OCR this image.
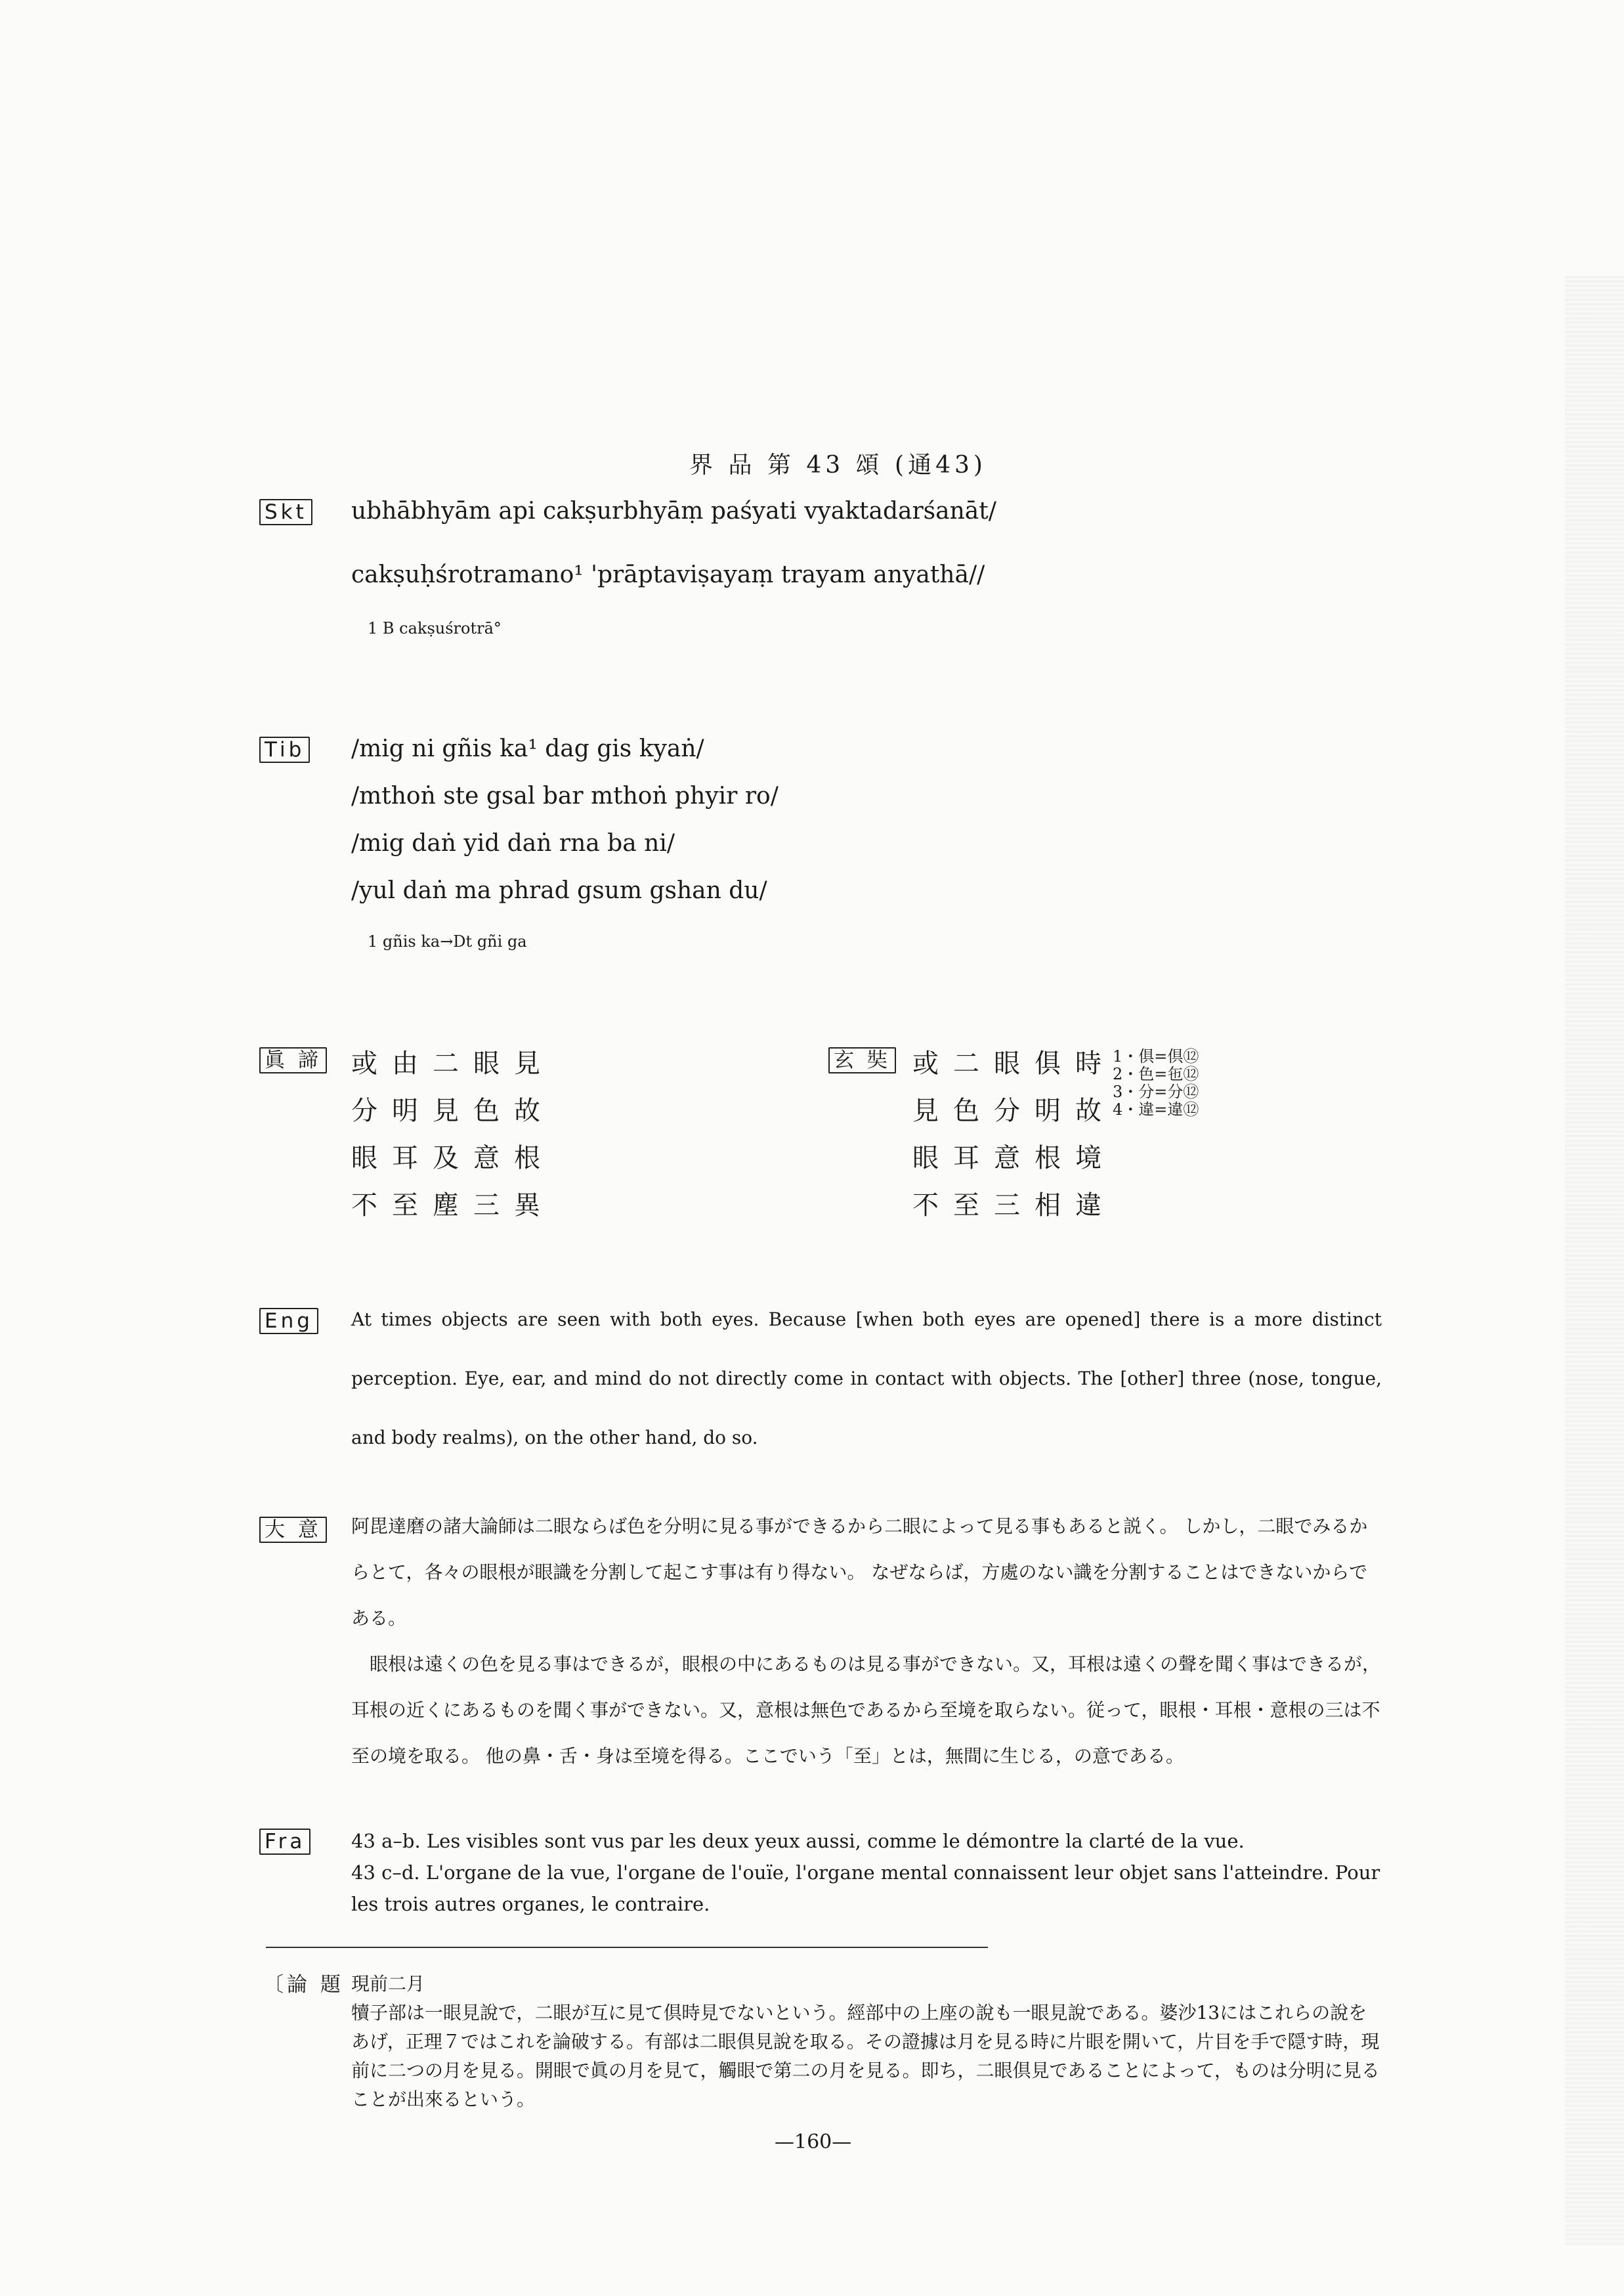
界 品 第 43 頌 (通43)
Skt ubhābhyām api cakṣurbhyāṃ paśyati vyaktadarśanāt/
cakṣuḥśrotramano¹ 'prāptaviṣayaṃ trayam anyathā//
1 B cakṣuśrotrā°
Tib /mig ni gñis ka¹ dag gis kyaṅ/
/mthoṅ ste gsal bar mthoṅ phyir ro/
/mig daṅ yid daṅ rna ba ni/
/yul daṅ ma phrad gsum gshan du/
1 gñis ka→Dt gñi ga
眞 諦 或由二眼見
分明見色故
眼耳及意根
不至塵三異
玄 奘 或二眼俱時
見色分明故
眼耳意根境
不至三相違
1・俱=倶⑫
2・色=㐌⑫
3・分=分⑫
4・違=違⑫
Eng At times objects are seen with both eyes. Because [when both eyes are opened] there is a more distinct perception. Eye, ear, and mind do not directly come in contact with objects. The [other] three (nose, tongue, and body realms), on the other hand, do so.
大 意 阿毘達磨の諸大論師は二眼ならば色を分明に見る事ができるから二眼によって見る事もあると説く。 しかし，二眼でみるからとて，各々の眼根が眼識を分割して起こす事は有り得ない。 なぜならば，方處のない識を分割することはできないからである。

眼根は遠くの色を見る事はできるが，眼根の中にあるものは見る事ができない。又，耳根は遠くの聲を聞く事はできるが，耳根の近くにあるものを聞く事ができない。又，意根は無色であるから至境を取らない。従って，眼根・耳根・意根の三は不至の境を取る。 他の鼻・舌・身は至境を得る。ここでいう「至」とは，無間に生じる，の意である。

Fra 43 a–b. Les visibles sont vus par les deux yeux aussi, comme le démontre la clarté de la vue.

43 c–d. L'organe de la vue, l'organe de l'ouïe, l'organe mental connaissent leur objet sans l'atteindre. Pour les trois autres organes, le contraire.

〔論 題 現前二月

犢子部は一眼見說で，二眼が互に見て倶時見でないという。經部中の上座の說も一眼見說である。婆沙13にはこれらの說をあげ，正理７ではこれを論破する。有部は二眼倶見說を取る。その證據は月を見る時に片眼を開いて，片目を手で隠す時，現前に二つの月を見る。開眼で眞の月を見て，觸眼で第二の月を見る。即ち，二眼倶見であることによって，ものは分明に見ることが出來るという。

—160—
